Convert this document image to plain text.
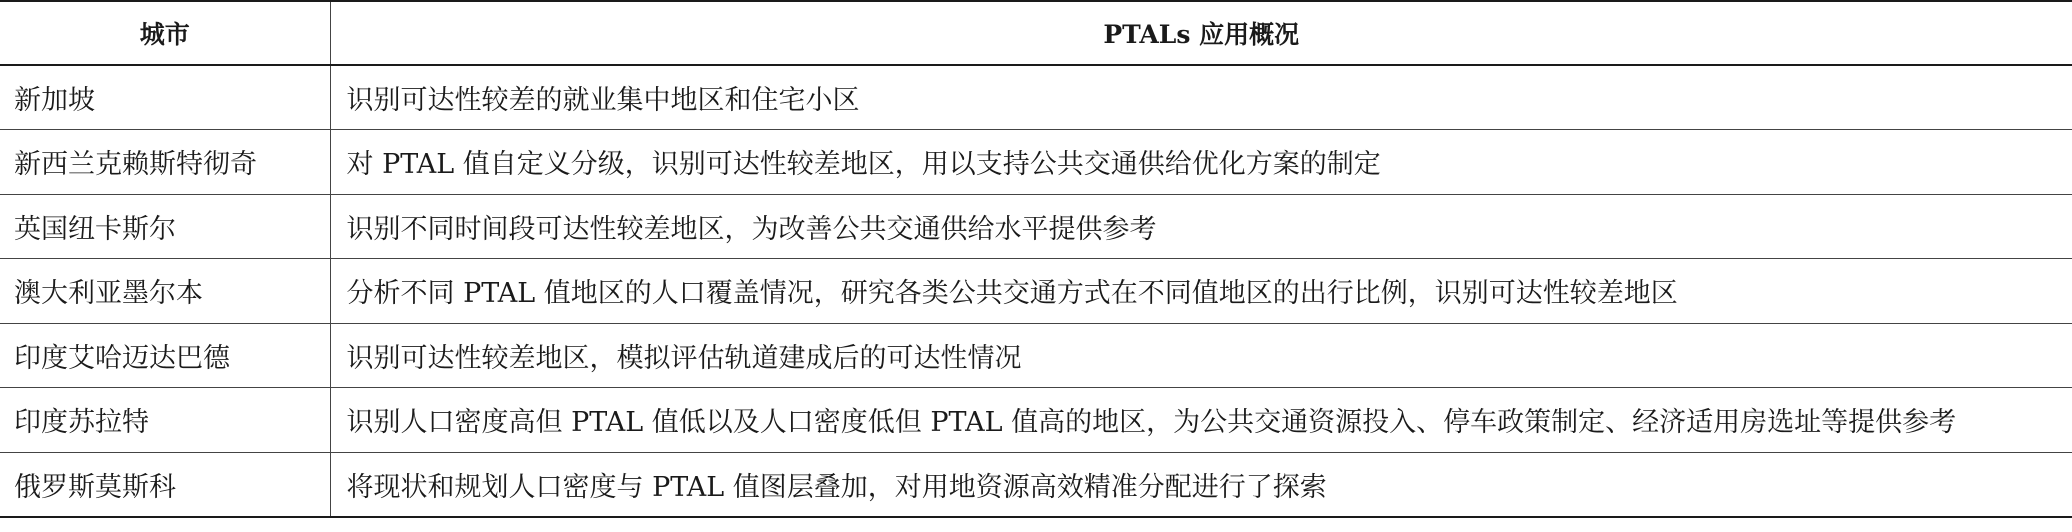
城市	PTALs 应用概况
新加坡	识别可达性较差的就业集中地区和住宅小区
新西兰克赖斯特彻奇	对 PTAL 值自定义分级，识别可达性较差地区，用以支持公共交通供给优化方案的制定
英国纽卡斯尔	识别不同时间段可达性较差地区，为改善公共交通供给水平提供参考
澳大利亚墨尔本	分析不同 PTAL 值地区的人口覆盖情况，研究各类公共交通方式在不同值地区的出行比例，识别可达性较差地区
印度艾哈迈达巴德	识别可达性较差地区，模拟评估轨道建成后的可达性情况
印度苏拉特	识别人口密度高但 PTAL 值低以及人口密度低但 PTAL 值高的地区，为公共交通资源投入、停车政策制定、经济适用房选址等提供参考
俄罗斯莫斯科	将现状和规划人口密度与 PTAL 值图层叠加，对用地资源高效精准分配进行了探索
